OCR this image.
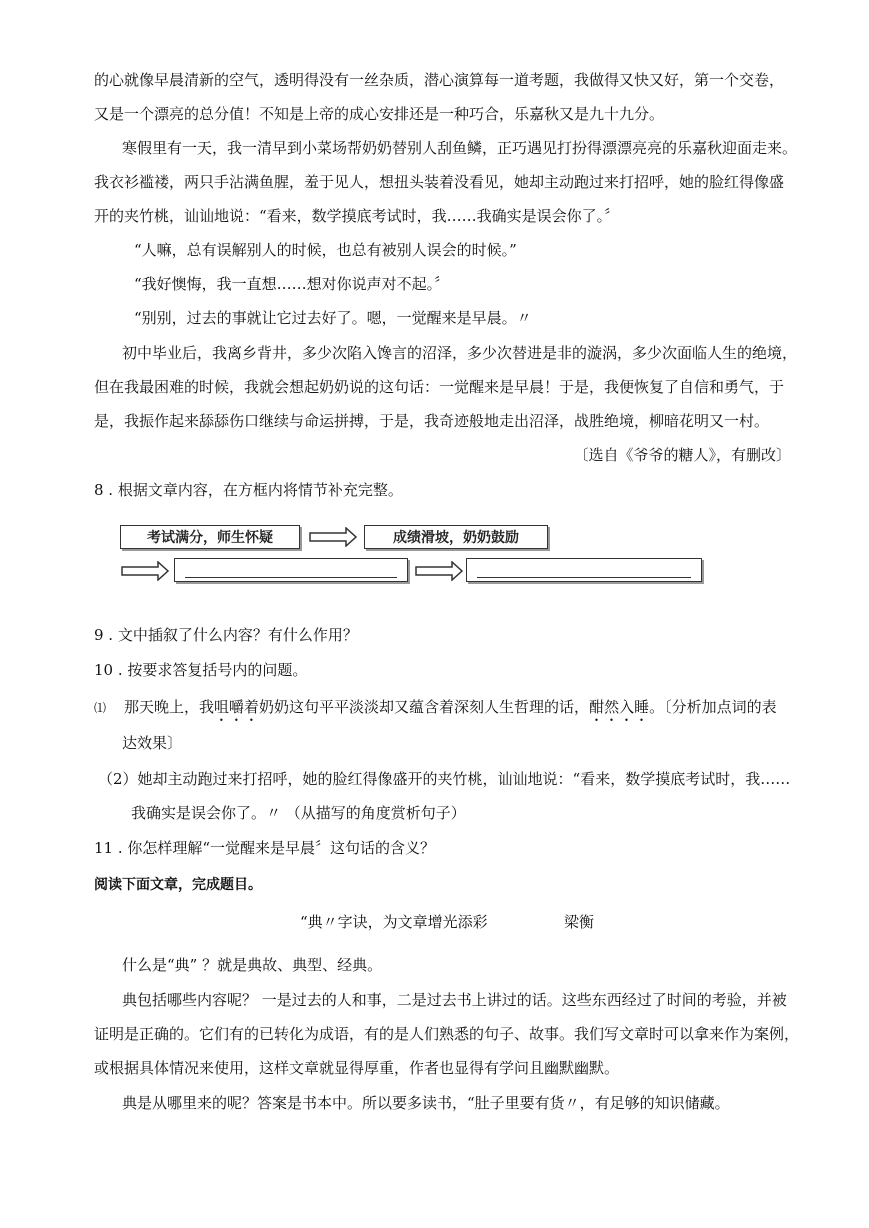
的心就像早晨清新的空气，透明得没有一丝杂质，潜心演算每一道考题，我做得又快又好，第一个交卷，
又是一个漂亮的总分值！不知是上帝的成心安排还是一种巧合，乐嘉秋又是九十九分。
寒假里有一天，我一清早到小菜场帮奶奶替别人刮鱼鳞，正巧遇见打扮得漂漂亮亮的乐嘉秋迎面走来。
我衣衫褴褛，两只手沾满鱼腥，羞于见人，想扭头装着没看见，她却主动跑过来打招呼，她的脸红得像盛
开的夹竹桃，讪讪地说：“看来，数学摸底考试时，我……我确实是误会你了。〞
“人嘛，总有误解别人的时候，也总有被别人误会的时候。”
“我好懊悔，我一直想……想对你说声对不起。〞
“别别，过去的事就让它过去好了。嗯，一觉醒来是早晨。〃
初中毕业后，我离乡背井，多少次陷入馋言的沼泽，多少次替进是非的漩涡，多少次面临人生的绝境，
但在我最困难的时候，我就会想起奶奶说的这句话：一觉醒来是早晨！于是，我便恢复了自信和勇气，于
是，我振作起来舔舔伤口继续与命运拼搏，于是，我奇迹般地走出沼泽，战胜绝境，柳暗花明又一村。
〔选自《爷爷的糖人》，有删改〕
8 . 根据文章内容，在方框内将情节补充完整。
考试满分，师生怀疑	成绩滑坡，奶奶鼓励
9 . 文中插叙了什么内容？有什么作用？
10 . 按要求答复括号内的问题。
⑴ 那天晚上，我咀嚼着奶奶这句平平淡淡却又蕴含着深刻人生哲理的话，酣然入睡。〔分析加点词的表
达效果〕
（2）她却主动跑过来打招呼，她的脸红得像盛开的夹竹桃，讪讪地说：“看来，数学摸底考试时，我……
我确实是误会你了。〃 （从描写的角度赏析句子）
11 . 你怎样理解“一觉醒来是早晨〞这句话的含义？
阅读下面文章，完成题目。
“典〃字诀，为文章增光添彩	梁衡
什么是“典” ？就是典故、典型、经典。
典包括哪些内容呢？ 一是过去的人和事，二是过去书上讲过的话。这些东西经过了时间的考验，并被
证明是正确的。它们有的已转化为成语，有的是人们熟悉的句子、故事。我们写文章时可以拿来作为案例，
或根据具体情况来使用，这样文章就显得厚重，作者也显得有学问且幽默幽默。
典是从哪里来的呢？答案是书本中。所以要多读书，“肚子里要有货〃，有足够的知识储藏。
